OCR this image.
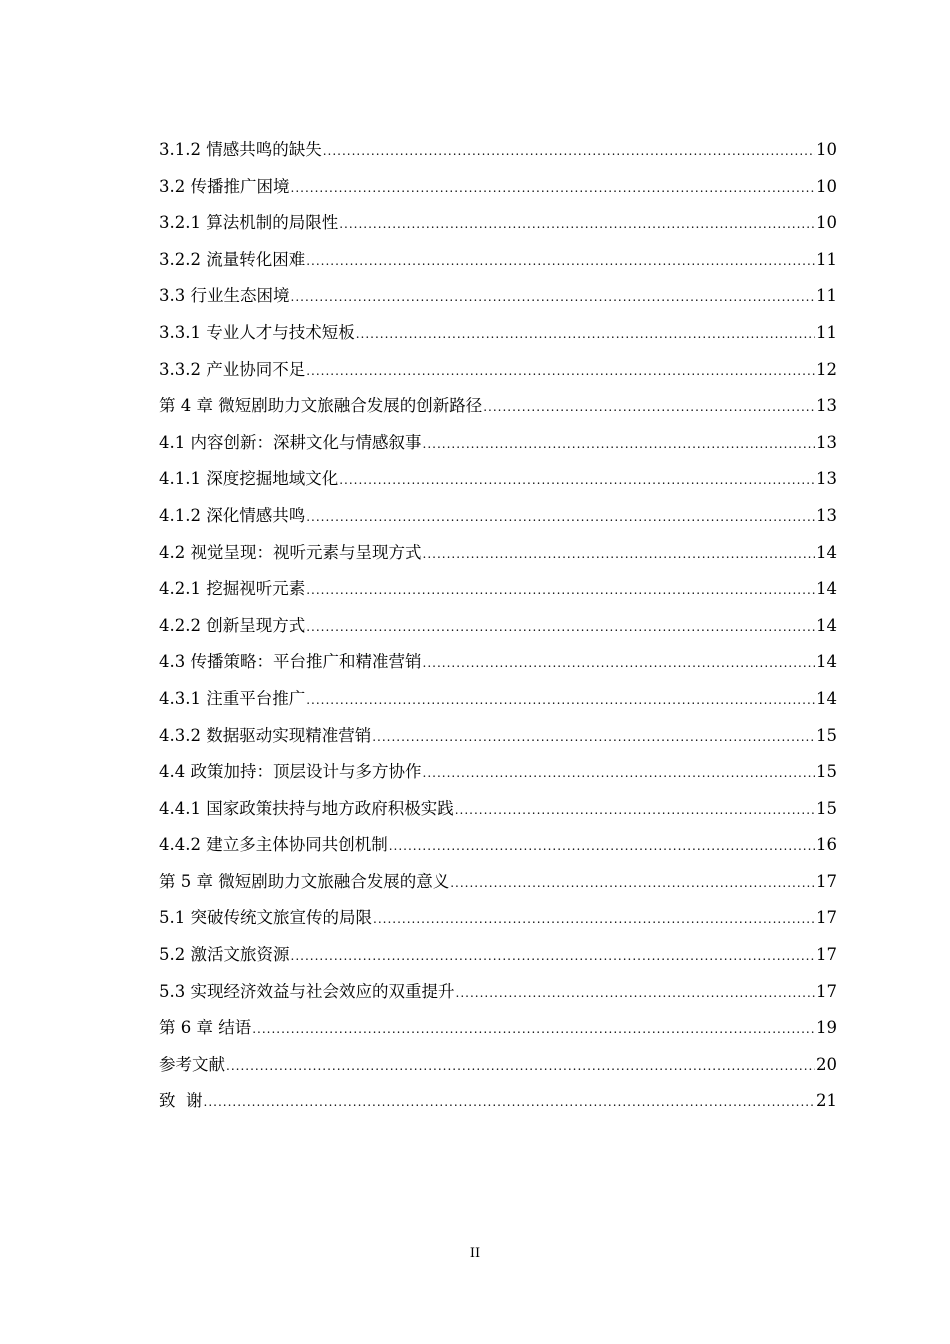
3.1.2 情感共鸣的缺失 .....	10
3.2 传播推广困境 .....	10
3.2.1 算法机制的局限性 .....	10
3.2.2 流量转化困难 .....	11
3.3 行业生态困境 .....	11
3.3.1 专业人才与技术短板 .....	11
3.3.2 产业协同不足 .....	12
第 4 章 微短剧助力文旅融合发展的创新路径 .....	13
4.1 内容创新：深耕文化与情感叙事 .....	13
4.1.1 深度挖掘地域文化 .....	13
4.1.2 深化情感共鸣 .....	13
4.2 视觉呈现：视听元素与呈现方式 .....	14
4.2.1 挖掘视听元素 .....	14
4.2.2 创新呈现方式 .....	14
4.3 传播策略：平台推广和精准营销 .....	14
4.3.1 注重平台推广 .....	14
4.3.2 数据驱动实现精准营销 .....	15
4.4 政策加持：顶层设计与多方协作 .....	15
4.4.1 国家政策扶持与地方政府积极实践 .....	15
4.4.2 建立多主体协同共创机制 .....	16
第 5 章 微短剧助力文旅融合发展的意义 .....	17
5.1 突破传统文旅宣传的局限 .....	17
5.2 激活文旅资源 .....	17
5.3 实现经济效益与社会效应的双重提升 .....	17
第 6 章 结语 .....	19
参考文献 .....	20
致  谢 .....	21
II
